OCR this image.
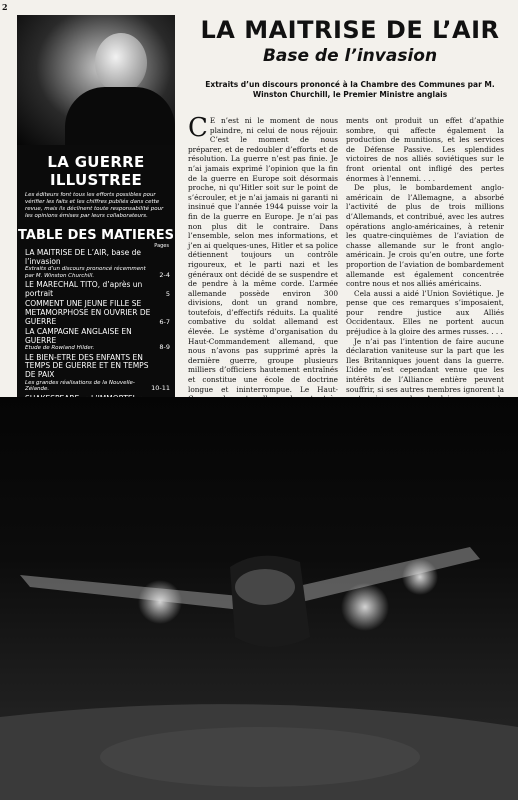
2
LA MAITRISE DE L’AIR
Base de l’invasion
Extraits d’un discours prononcé à la Chambre des Communes par M. Winston Churchill, le Premier Ministre anglais
LA GUERRE ILLUSTREE
Les éditeurs font tous les efforts possibles pour vérifier les faits et les chiffres publiés dans cette revue, mais ils déclinent toute responsabilité pour les opinions émises par leurs collaborateurs.
TABLE DES MATIERES
Pages
LA MAITRISE DE L’AIR, base de l’invasion
2-4
Extraits d’un discours prononcé récemment par M. Winston Churchill.
LE MARECHAL TITO, d’après un portrait	5
COMMENT UNE JEUNE FILLE SE METAMORPHOSE EN OUVRIER DE GUERRE	6-7
LA CAMPAGNE ANGLAISE EN GUERRE
8-9
Etude de Rowland Hilder.
LE BIEN-ETRE DES ENFANTS EN TEMPS DE GUERRE ET EN TEMPS DE PAIX
10-11
Les grandes réalisations de la Nouvelle-Zélande.

C E n’est ni le moment de nous plaindre, ni celui de nous réjouir. C’est le moment de nous préparer, et de redoubler d’efforts et de résolution. La guerre n’est pas finie. Je n’ai jamais exprimé l’opinion que la fin de la guerre en Europe soit désormais proche, ni qu’Hitler soit sur le point de s’écrouler, et je n’ai jamais ni garanti ni insinué que l’année 1944 puisse voir la fin de la guerre en Europe. Je n’ai pas non plus dit le contraire. Dans l’ensemble, selon mes informations, et j’en ai quelques-unes, Hitler et sa police détiennent toujours un contrôle rigoureux, et le parti nazi et les généraux ont décidé de se suspendre et de pendre à la même corde. L’armée allemande possède environ 300 divisions, dont un grand nombre, toutefois, d’effectifs réduits. La qualité combative du soldat allemand est élevée. Le système d’organisation du Haut-Commandement allemand, que nous n’avons pas supprimé après la dernière guerre, groupe plusieurs milliers d’officiers hautement entraînés et constitue une école de doctrine longue et ininterrompue. Le Haut-

ments ont produit un effet d’apathie sombre, qui affecte également la production de munitions, et les services de Défense Passive. Les splendides victoires de nos alliés soviétiques sur le front oriental ont infligé des pertes énormes à l’ennemi. . . .

De plus, le bombardement anglo-américain de l’Allemagne, a absorbé l’activité de plus de trois millions d’Allemands, et contribué, avec les autres opérations anglo-américaines, à retenir les quatre-cinquièmes de l’aviation de chasse allemande sur le front anglo-américain. Je crois qu’en outre, une forte proportion de l’aviation de bombardement allemande est également concentrée contre nous et nos alliés américains.

Cela aussi a aidé l’Union Soviétique. Je pense que ces remarques s’imposaient, pour rendre justice aux Alliés Occidentaux. Elles ne portent aucun préjudice à la gloire des armes russes. . . .

Je n’ai pas l’intention de faire aucune déclaration vaniteuse sur la part que les Iles Britanniques jouent dans la guerre. L’idée m’est cependant venue que les intérêts de l’Alliance entière peuvent souffrir, si ses autres membres ignorent la
